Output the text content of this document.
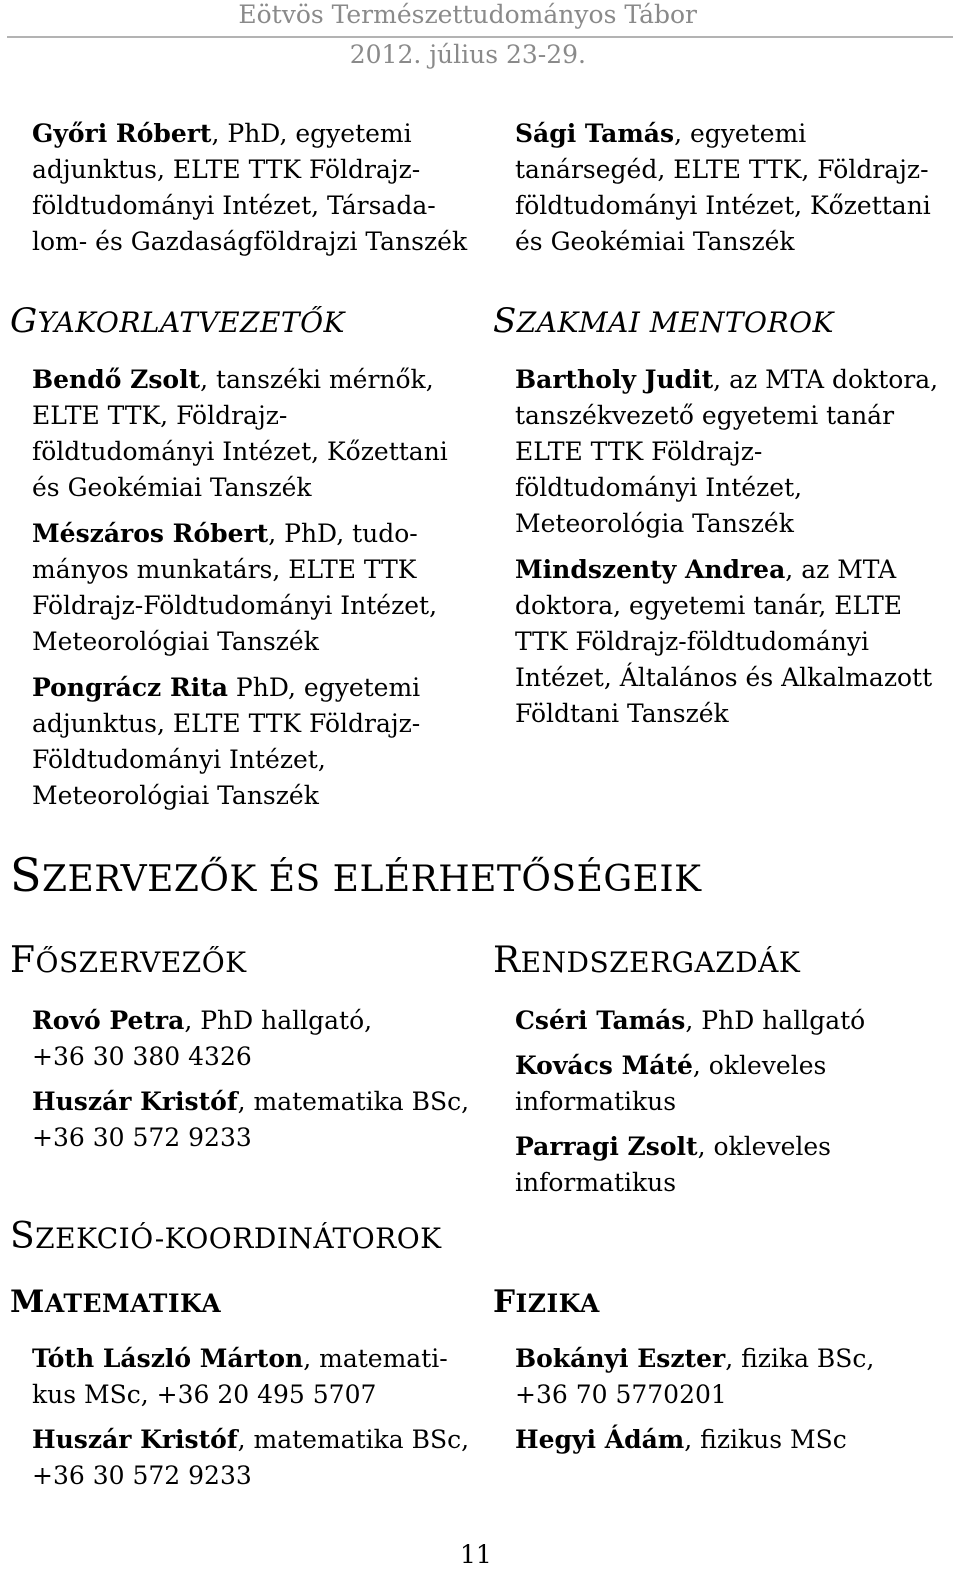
Eötvös Természettudományos Tábor
2012. július 23-29.
Győri Róbert, PhD, egyetemi
adjunktus, ELTE TTK Földrajz-
földtudományi Intézet, Társada-
lom- és Gazdaságföldrajzi Tanszék
Sági Tamás, egyetemi
tanársegéd, ELTE TTK, Földrajz-
földtudományi Intézet, Kőzettani
és Geokémiai Tanszék
GYAKORLATVEZETŐK
Bendő Zsolt, tanszéki mérnők,
ELTE TTK, Földrajz-
földtudományi Intézet, Kőzettani
és Geokémiai Tanszék
Mészáros Róbert, PhD, tudo-
mányos munkatárs, ELTE TTK
Földrajz-Földtudományi Intézet,
Meteorológiai Tanszék
Pongrácz Rita PhD, egyetemi
adjunktus, ELTE TTK Földrajz-
Földtudományi Intézet,
Meteorológiai Tanszék
SZAKMAI MENTOROK
Bartholy Judit, az MTA doktora,
tanszékvezető egyetemi tanár
ELTE TTK Földrajz-
földtudományi Intézet,
Meteorológia Tanszék
Mindszenty Andrea, az MTA
doktora, egyetemi tanár, ELTE
TTK Földrajz-földtudományi
Intézet, Általános és Alkalmazott
Földtani Tanszék
SZERVEZŐK ÉS ELÉRHETŐSÉGEIK
FŐSZERVEZŐK
Rovó Petra, PhD hallgató,
+36 30 380 4326
Huszár Kristóf, matematika BSc,
+36 30 572 9233
RENDSZERGAZDÁK
Cséri Tamás, PhD hallgató
Kovács Máté, okleveles
informatikus
Parragi Zsolt, okleveles
informatikus
SZEKCIÓ-KOORDINÁTOROK
MATEMATIKA
Tóth László Márton, matemati-
kus MSc, +36 20 495 5707
Huszár Kristóf, matematika BSc,
+36 30 572 9233
FIZIKA
Bokányi Eszter, fizika BSc,
+36 70 5770201
Hegyi Ádám, fizikus MSc
11
